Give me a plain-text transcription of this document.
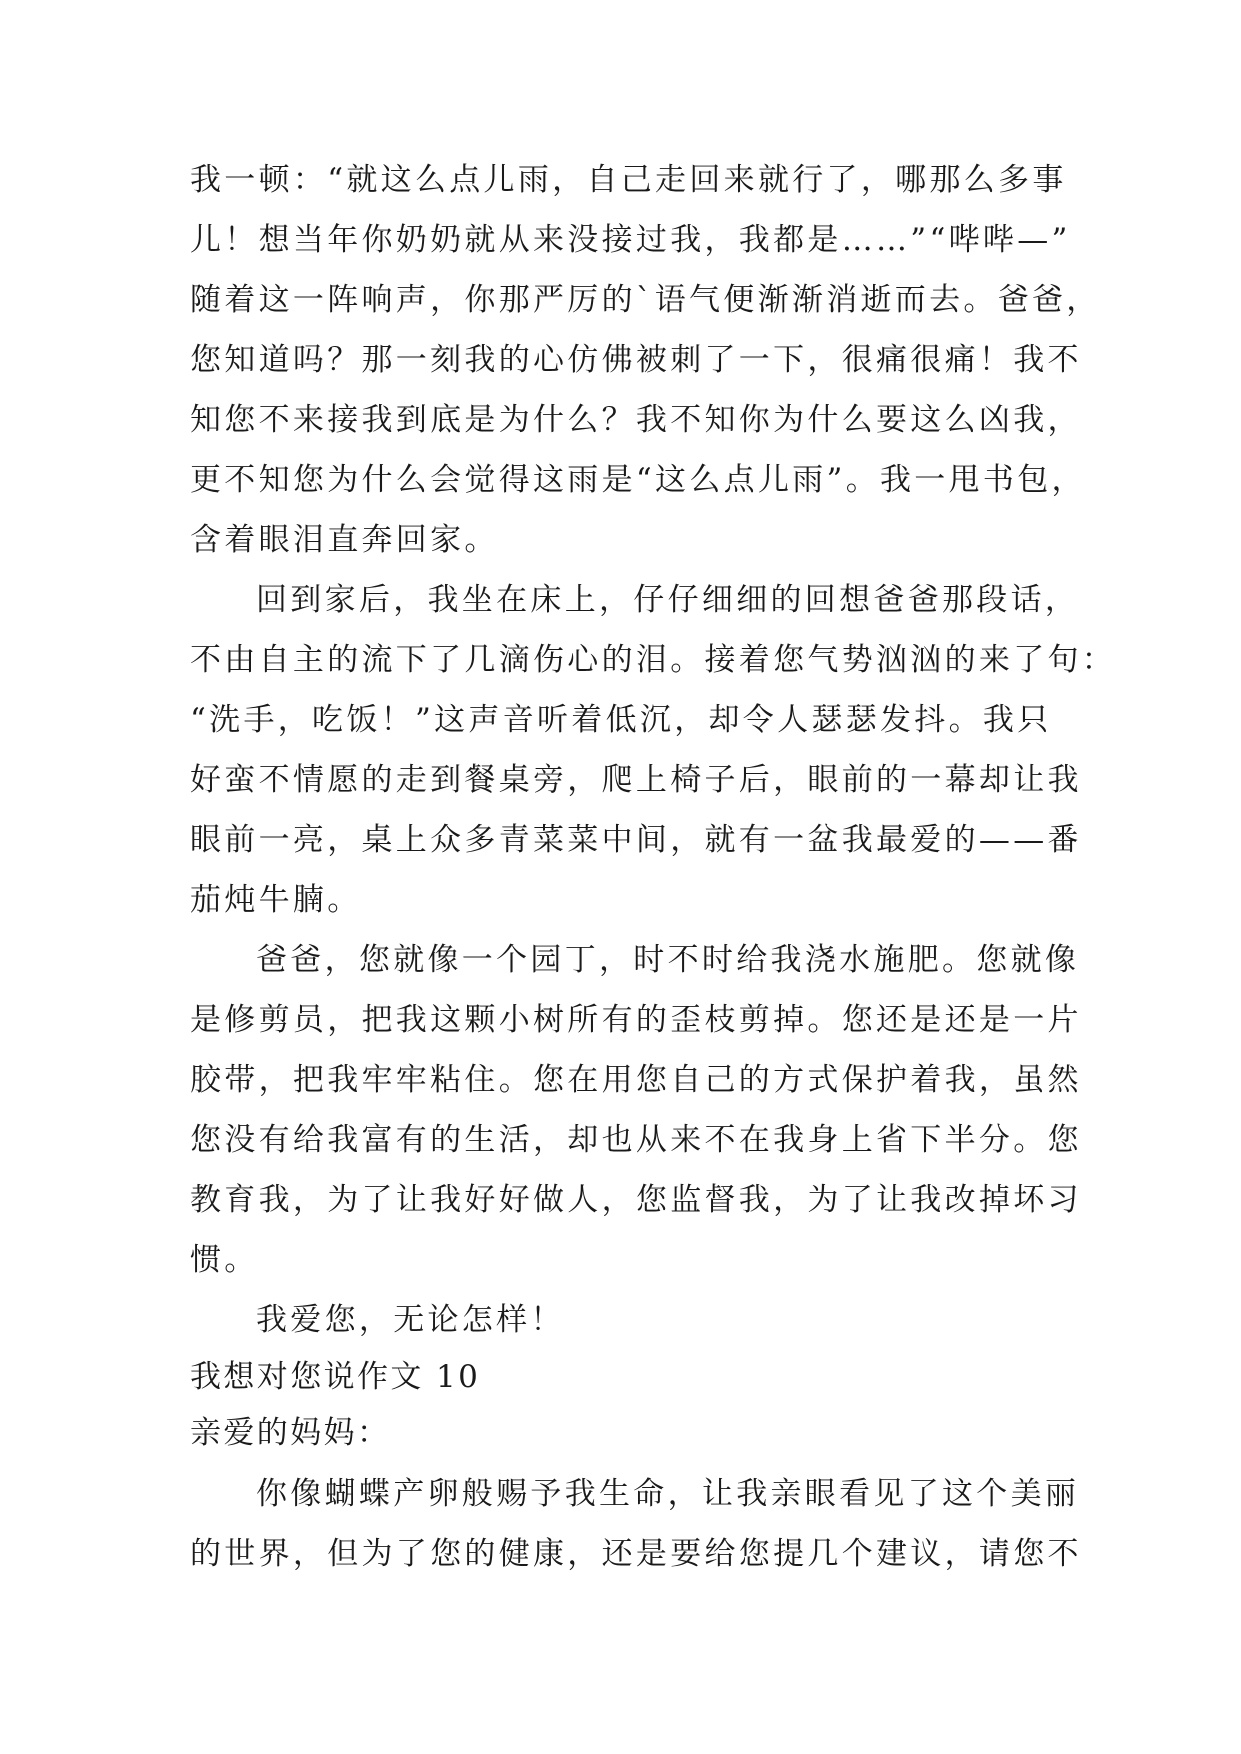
我一顿：“就这么点儿雨，自己走回来就行了，哪那么多事
儿！想当年你奶奶就从来没接过我，我都是……”“哔哔—”
随着这一阵响声，你那严厉的`语气便渐渐消逝而去。爸爸，
您知道吗？那一刻我的心仿佛被刺了一下，很痛很痛！我不
知您不来接我到底是为什么？我不知你为什么要这么凶我，
更不知您为什么会觉得这雨是“这么点儿雨”。我一甩书包，
含着眼泪直奔回家。
回到家后，我坐在床上，仔仔细细的回想爸爸那段话，
不由自主的流下了几滴伤心的泪。接着您气势汹汹的来了句：
“洗手，吃饭！”这声音听着低沉，却令人瑟瑟发抖。我只
好蛮不情愿的走到餐桌旁，爬上椅子后，眼前的一幕却让我
眼前一亮，桌上众多青菜菜中间，就有一盆我最爱的——番
茄炖牛腩。
爸爸，您就像一个园丁，时不时给我浇水施肥。您就像
是修剪员，把我这颗小树所有的歪枝剪掉。您还是还是一片
胶带，把我牢牢粘住。您在用您自己的方式保护着我，虽然
您没有给我富有的生活，却也从来不在我身上省下半分。您
教育我，为了让我好好做人，您监督我，为了让我改掉坏习
惯。
我爱您，无论怎样！
我想对您说作文 10
亲爱的妈妈：
你像蝴蝶产卵般赐予我生命，让我亲眼看见了这个美丽
的世界，但为了您的健康，还是要给您提几个建议，请您不
